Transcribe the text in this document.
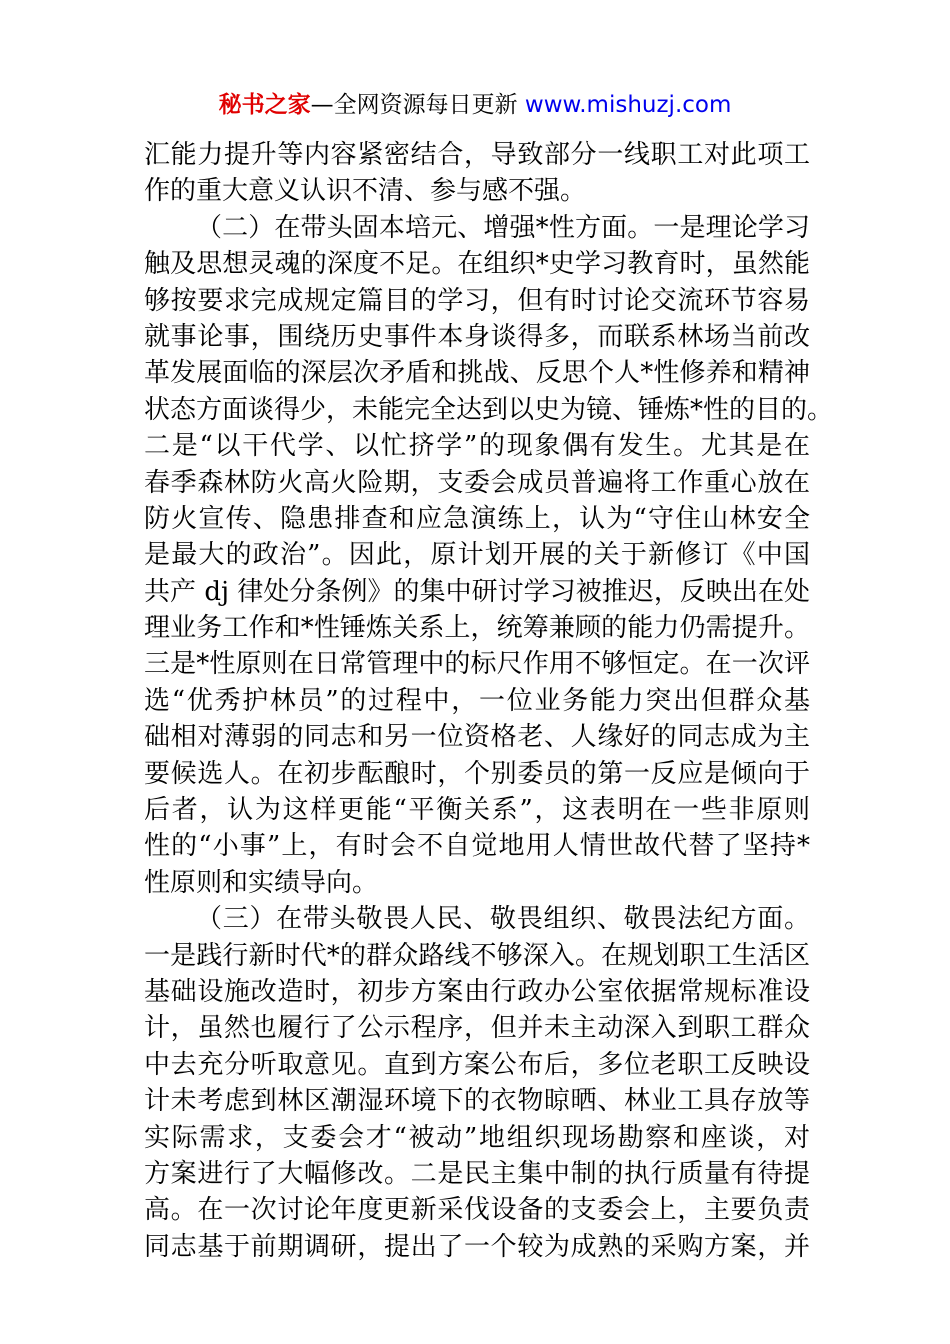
秘书之家—全网资源每日更新 www.mishuzj.com
汇能力提升等内容紧密结合，导致部分一线职工对此项工
作的重大意义认识不清、参与感不强。
（二）在带头固本培元、增强*性方面。一是理论学习
触及思想灵魂的深度不足。在组织*史学习教育时，虽然能
够按要求完成规定篇目的学习，但有时讨论交流环节容易
就事论事，围绕历史事件本身谈得多，而联系林场当前改
革发展面临的深层次矛盾和挑战、反思个人*性修养和精神
状态方面谈得少，未能完全达到以史为镜、锤炼*性的目的。
二是“以干代学、以忙挤学”的现象偶有发生。尤其是在
春季森林防火高火险期，支委会成员普遍将工作重心放在
防火宣传、隐患排查和应急演练上，认为“守住山林安全
是最大的政治”。因此，原计划开展的关于新修订《中国
共产 dj 律处分条例》的集中研讨学习被推迟，反映出在处
理业务工作和*性锤炼关系上，统筹兼顾的能力仍需提升。
三是*性原则在日常管理中的标尺作用不够恒定。在一次评
选“优秀护林员”的过程中，一位业务能力突出但群众基
础相对薄弱的同志和另一位资格老、人缘好的同志成为主
要候选人。在初步酝酿时，个别委员的第一反应是倾向于
后者，认为这样更能“平衡关系”，这表明在一些非原则
性的“小事”上，有时会不自觉地用人情世故代替了坚持*
性原则和实绩导向。
（三）在带头敬畏人民、敬畏组织、敬畏法纪方面。
一是践行新时代*的群众路线不够深入。在规划职工生活区
基础设施改造时，初步方案由行政办公室依据常规标准设
计，虽然也履行了公示程序，但并未主动深入到职工群众
中去充分听取意见。直到方案公布后，多位老职工反映设
计未考虑到林区潮湿环境下的衣物晾晒、林业工具存放等
实际需求，支委会才“被动”地组织现场勘察和座谈，对
方案进行了大幅修改。二是民主集中制的执行质量有待提
高。在一次讨论年度更新采伐设备的支委会上，主要负责
同志基于前期调研，提出了一个较为成熟的采购方案，并
